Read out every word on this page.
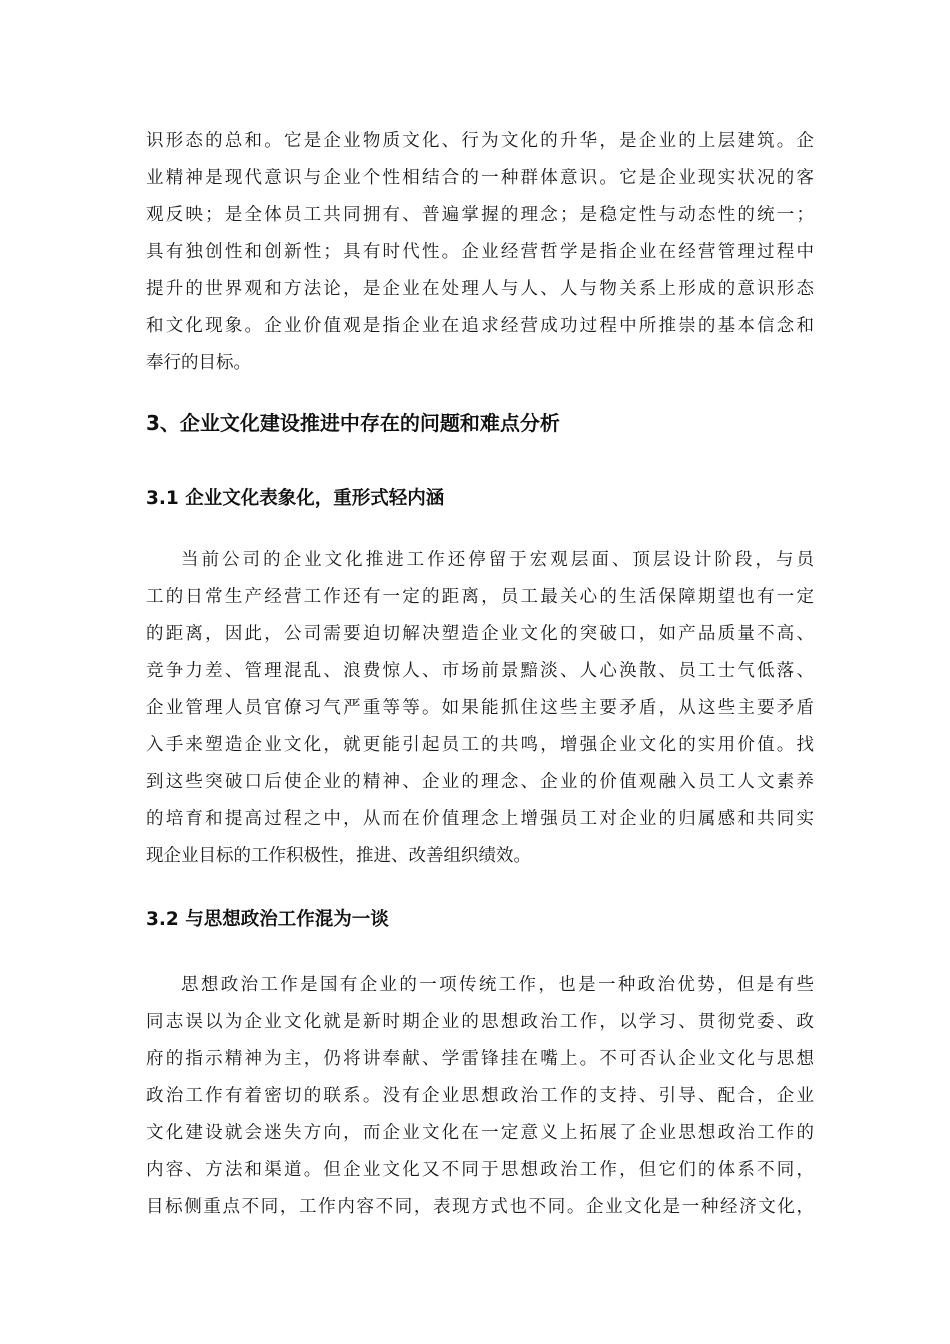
识形态的总和。它是企业物质文化、行为文化的升华，是企业的上层建筑。企
业精神是现代意识与企业个性相结合的一种群体意识。它是企业现实状况的客
观反映；是全体员工共同拥有、普遍掌握的理念；是稳定性与动态性的统一；
具有独创性和创新性；具有时代性。企业经营哲学是指企业在经营管理过程中
提升的世界观和方法论，是企业在处理人与人、人与物关系上形成的意识形态
和文化现象。企业价值观是指企业在追求经营成功过程中所推崇的基本信念和
奉行的目标。
3、企业文化建设推进中存在的问题和难点分析
3.1 企业文化表象化，重形式轻内涵
当前公司的企业文化推进工作还停留于宏观层面、顶层设计阶段，与员
工的日常生产经营工作还有一定的距离，员工最关心的生活保障期望也有一定
的距离，因此，公司需要迫切解决塑造企业文化的突破口，如产品质量不高、
竞争力差、管理混乱、浪费惊人、市场前景黯淡、人心涣散、员工士气低落、
企业管理人员官僚习气严重等等。如果能抓住这些主要矛盾，从这些主要矛盾
入手来塑造企业文化，就更能引起员工的共鸣，增强企业文化的实用价值。找
到这些突破口后使企业的精神、企业的理念、企业的价值观融入员工人文素养
的培育和提高过程之中，从而在价值理念上增强员工对企业的归属感和共同实
现企业目标的工作积极性，推进、改善组织绩效。
3.2 与思想政治工作混为一谈
思想政治工作是国有企业的一项传统工作，也是一种政治优势，但是有些
同志误以为企业文化就是新时期企业的思想政治工作，以学习、贯彻党委、政
府的指示精神为主，仍将讲奉献、学雷锋挂在嘴上。不可否认企业文化与思想
政治工作有着密切的联系。没有企业思想政治工作的支持、引导、配合，企业
文化建设就会迷失方向，而企业文化在一定意义上拓展了企业思想政治工作的
内容、方法和渠道。但企业文化又不同于思想政治工作，但它们的体系不同，
目标侧重点不同，工作内容不同，表现方式也不同。企业文化是一种经济文化，
